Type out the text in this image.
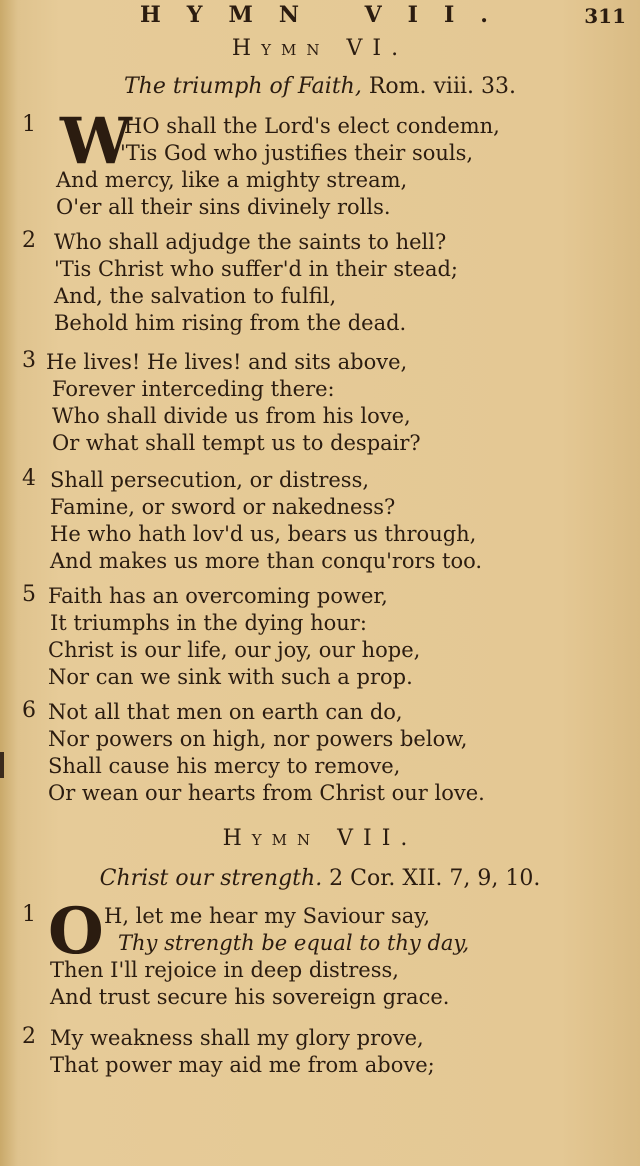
HYMN VII.	311
Hymn VI.
The triumph of Faith, Rom. viii. 33.
1 W
HO shall the Lord's elect condemn,
'Tis God who justifies their souls,
And mercy, like a mighty stream,
O'er all their sins divinely rolls.
2 Who shall adjudge the saints to hell?
'Tis Christ who suffer'd in their stead;
And, the salvation to fulfil,
Behold him rising from the dead.
3 He lives! He lives! and sits above,
Forever interceding there:
Who shall divide us from his love,
Or what shall tempt us to despair?
4 Shall persecution, or distress,
Famine, or sword or nakedness?
He who hath lov'd us, bears us through,
And makes us more than conqu'rors too.
5 Faith has an overcoming power,
It triumphs in the dying hour:
Christ is our life, our joy, our hope,
Nor can we sink with such a prop.
6 Not all that men on earth can do,
Nor powers on high, nor powers below,
Shall cause his mercy to remove,
Or wean our hearts from Christ our love.
Hymn VII.
Christ our strength. 2 Cor. XII. 7, 9, 10.
1 O H, let me hear my Saviour say,
Thy strength be equal to thy day,
Then I'll rejoice in deep distress,
And trust secure his sovereign grace.
2 My weakness shall my glory prove,
That power may aid me from above;
